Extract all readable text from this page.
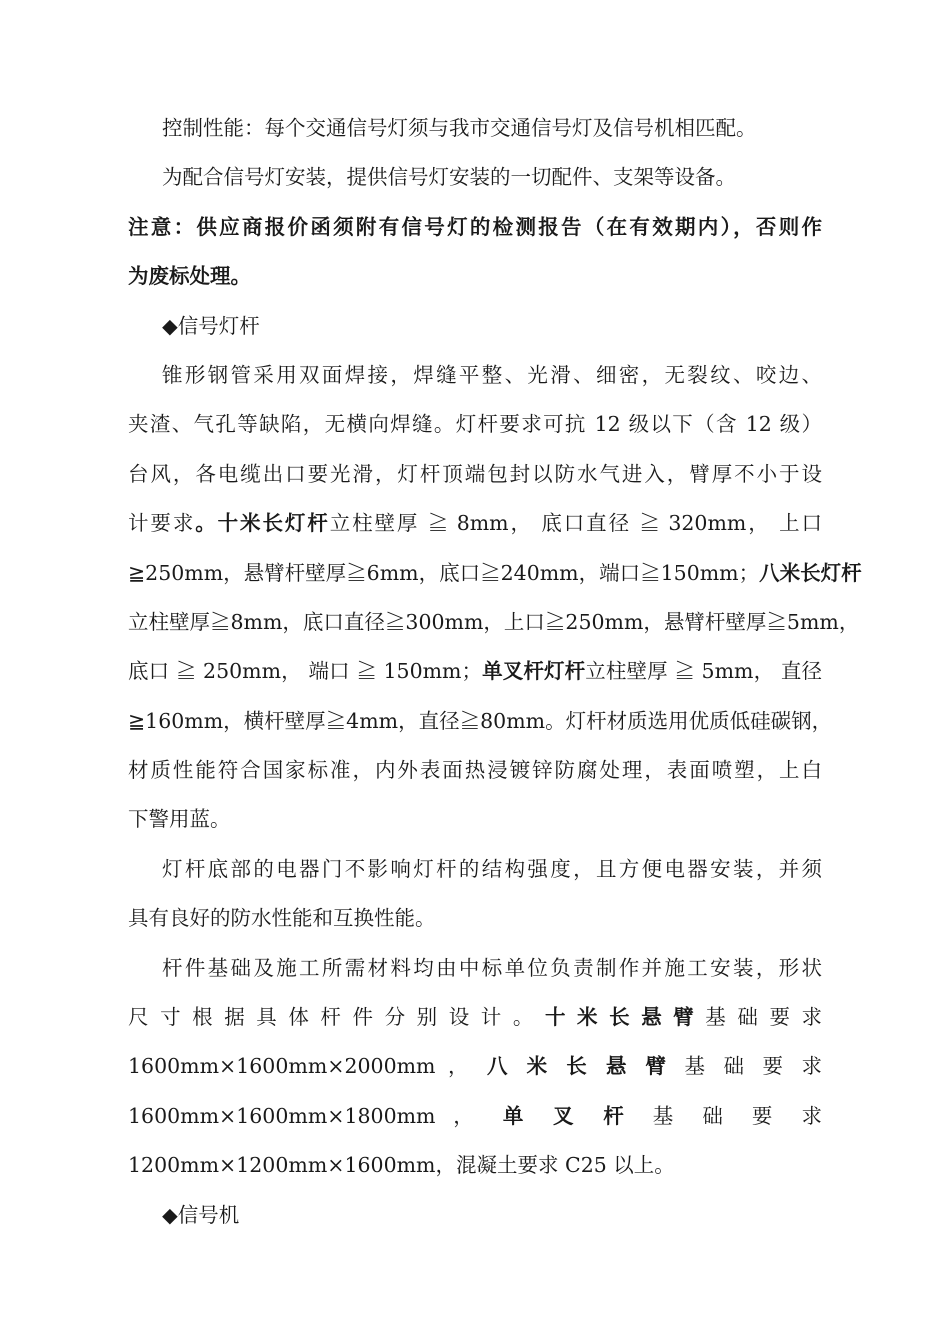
控制性能：每个交通信号灯须与我市交通信号灯及信号机相匹配。
为配合信号灯安装，提供信号灯安装的一切配件、支架等设备。
注意：供应商报价函须附有信号灯的检测报告（在有效期内），否则作
为废标处理。
◆信号灯杆
锥形钢管采用双面焊接，焊缝平整、光滑、细密，无裂纹、咬边、
夹渣、气孔等缺陷，无横向焊缝。灯杆要求可抗 12 级以下（含 12 级）
台风，各电缆出口要光滑，灯杆顶端包封以防水气进入，臂厚不小于设
计要求。十米长灯杆立柱壁厚 ≧ 8mm， 底口直径 ≧ 320mm， 上口
≧250mm，悬臂杆壁厚≧6mm，底口≧240mm，端口≧150mm；八米长灯杆
立柱壁厚≧8mm，底口直径≧300mm，上口≧250mm，悬臂杆壁厚≧5mm，
底口 ≧ 250mm， 端口 ≧ 150mm；单叉杆灯杆立柱壁厚 ≧ 5mm， 直径
≧160mm，横杆壁厚≧4mm，直径≧80mm。灯杆材质选用优质低硅碳钢，
材质性能符合国家标准，内外表面热浸镀锌防腐处理，表面喷塑，上白
下警用蓝。
灯杆底部的电器门不影响灯杆的结构强度，且方便电器安装，并须
具有良好的防水性能和互换性能。
杆件基础及施工所需材料均由中标单位负责制作并施工安装，形状
尺寸根据具体杆件分别设计。十米长悬臂基础要求
1600mm×1600mm×2000mm ， 八 米 长 悬 臂 基 础 要 求
1600mm×1600mm×1800mm ， 单 叉 杆 基 础 要 求
1200mm×1200mm×1600mm，混凝土要求 C25 以上。
◆信号机
